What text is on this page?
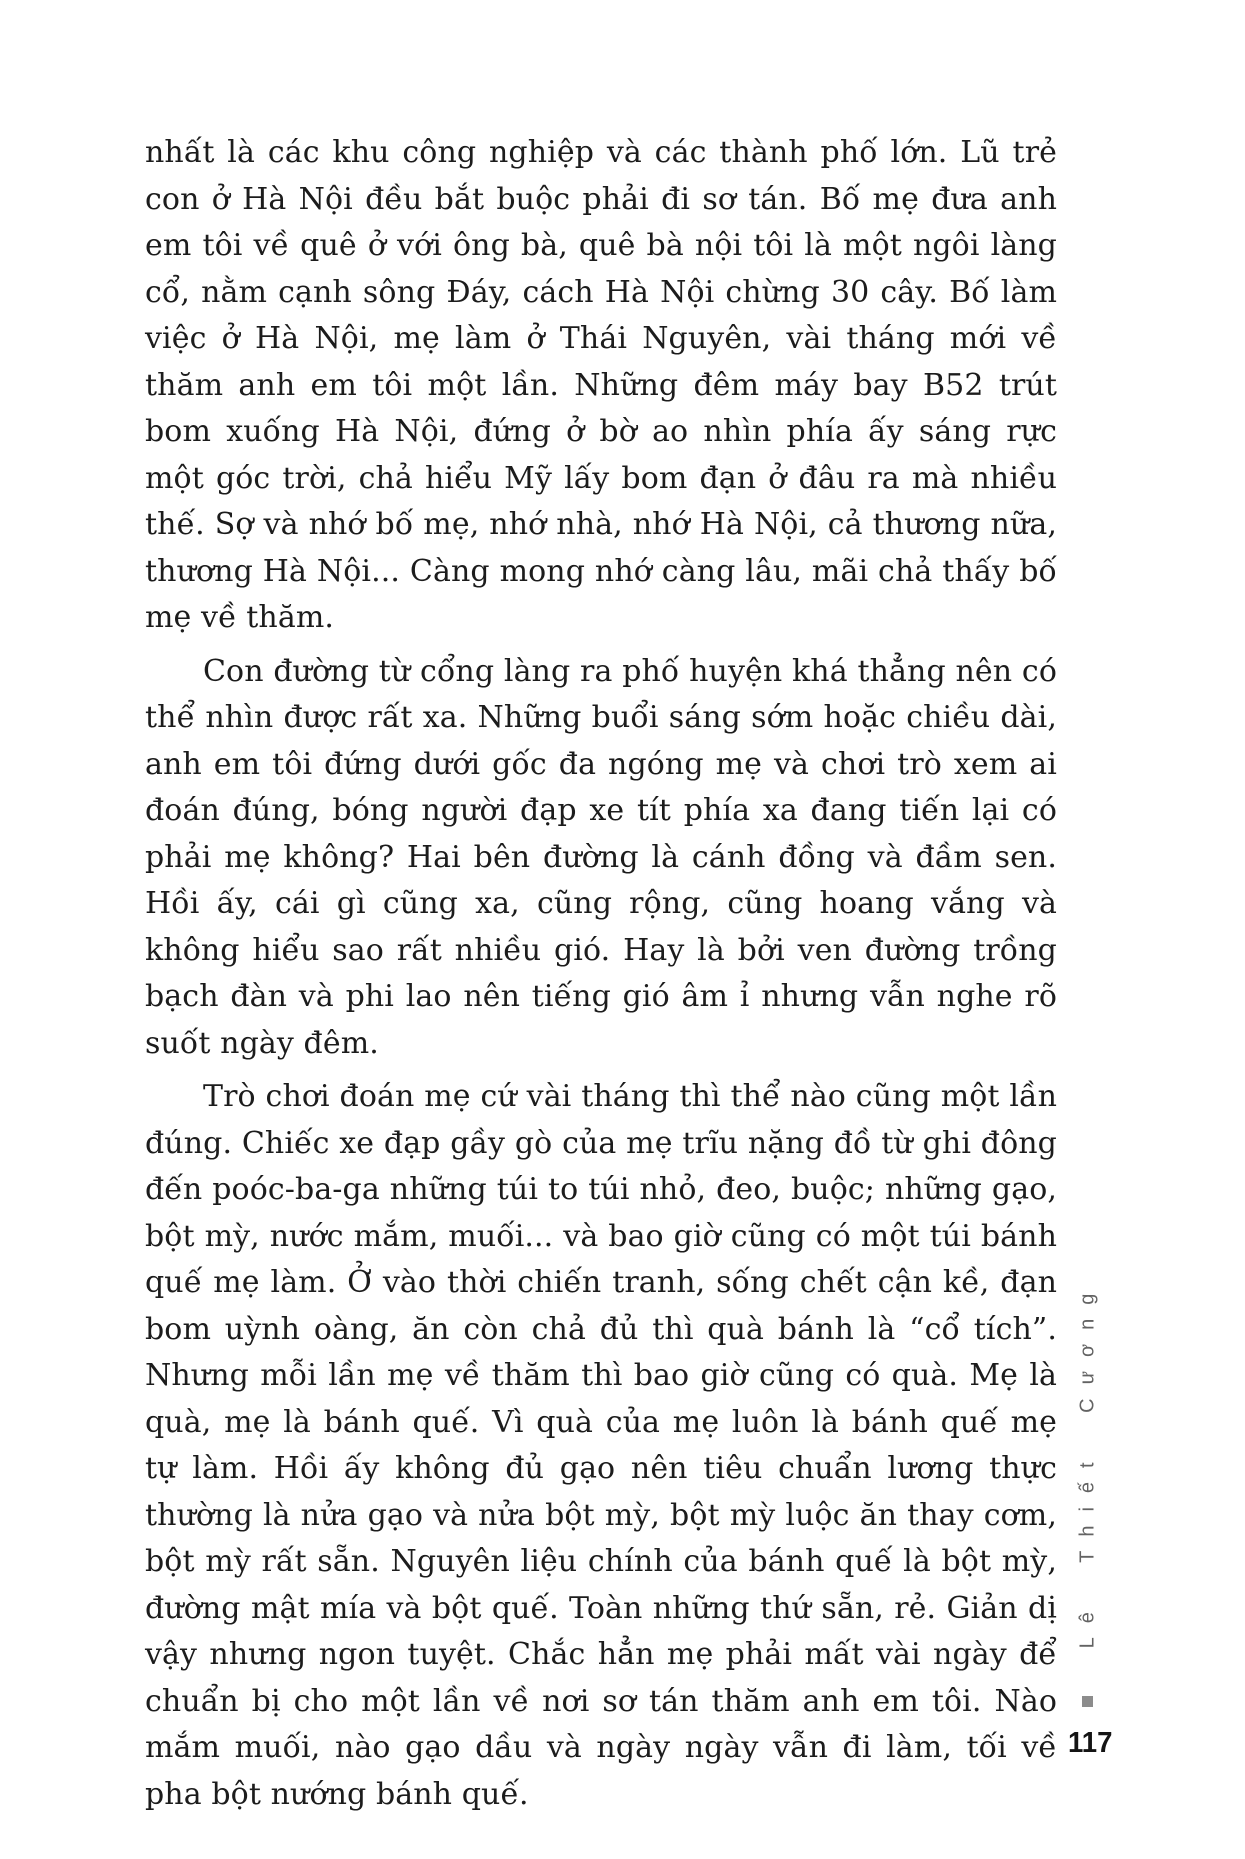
nhất là các khu công nghiệp và các thành phố lớn. Lũ trẻ con ở Hà Nội đều bắt buộc phải đi sơ tán. Bố mẹ đưa anh em tôi về quê ở với ông bà, quê bà nội tôi là một ngôi làng cổ, nằm cạnh sông Đáy, cách Hà Nội chừng 30 cây. Bố làm việc ở Hà Nội, mẹ làm ở Thái Nguyên, vài tháng mới về thăm anh em tôi một lần. Những đêm máy bay B52 trút bom xuống Hà Nội, đứng ở bờ ao nhìn phía ấy sáng rực một góc trời, chả hiểu Mỹ lấy bom đạn ở đâu ra mà nhiều thế. Sợ và nhớ bố mẹ, nhớ nhà, nhớ Hà Nội, cả thương nữa, thương Hà Nội... Càng mong nhớ càng lâu, mãi chả thấy bố mẹ về thăm.

Con đường từ cổng làng ra phố huyện khá thẳng nên có thể nhìn được rất xa. Những buổi sáng sớm hoặc chiều dài, anh em tôi đứng dưới gốc đa ngóng mẹ và chơi trò xem ai đoán đúng, bóng người đạp xe tít phía xa đang tiến lại có phải mẹ không? Hai bên đường là cánh đồng và đầm sen. Hồi ấy, cái gì cũng xa, cũng rộng, cũng hoang vắng và không hiểu sao rất nhiều gió. Hay là bởi ven đường trồng bạch đàn và phi lao nên tiếng gió âm ỉ nhưng vẫn nghe rõ suốt ngày đêm.

Trò chơi đoán mẹ cứ vài tháng thì thể nào cũng một lần đúng. Chiếc xe đạp gầy gò của mẹ trĩu nặng đồ từ ghi đông đến poóc-ba-ga những túi to túi nhỏ, đeo, buộc; những gạo, bột mỳ, nước mắm, muối... và bao giờ cũng có một túi bánh quế mẹ làm. Ở vào thời chiến tranh, sống chết cận kề, đạn bom uỳnh oàng, ăn còn chả đủ thì quà bánh là “cổ tích”. Nhưng mỗi lần mẹ về thăm thì bao giờ cũng có quà. Mẹ là quà, mẹ là bánh quế. Vì quà của mẹ luôn là bánh quế mẹ tự làm. Hồi ấy không đủ gạo nên tiêu chuẩn lương thực thường là nửa gạo và nửa bột mỳ, bột mỳ luộc ăn thay cơm, bột mỳ rất sẵn. Nguyên liệu chính của bánh quế là bột mỳ, đường mật mía và bột quế. Toàn những thứ sẵn, rẻ. Giản dị vậy nhưng ngon tuyệt. Chắc hẳn mẹ phải mất vài ngày để chuẩn bị cho một lần về nơi sơ tán thăm anh em tôi. Nào mắm muối, nào gạo dầu và ngày ngày vẫn đi làm, tối về pha bột nướng bánh quế.

Lê Thiết Cương
117
